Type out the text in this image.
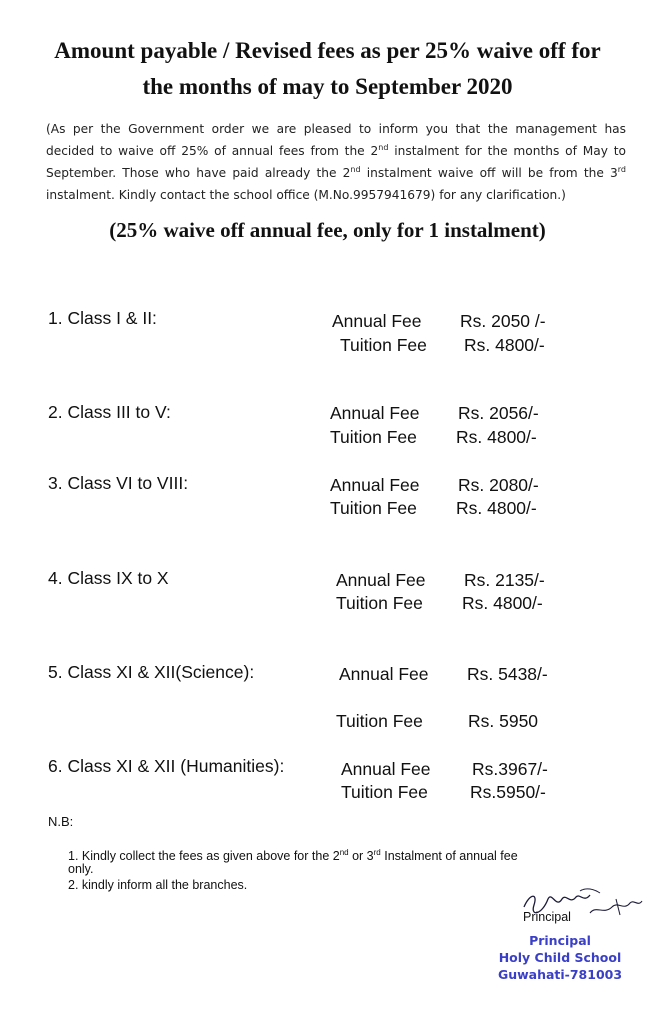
Amount payable / Revised fees as per 25% waive off for
the months of may to September 2020
(As per the Government order we are pleased to inform you that the management has decided to waive off 25% of annual fees from the 2nd instalment for the months of May to September. Those who have paid already the 2nd instalment waive off will be from the 3rd instalment. Kindly contact the school office (M.No.9957941679) for any clarification.)
(25% waive off annual fee, only for 1 instalment)
1. Class I & II:	Annual Fee Rs. 2050 /-
Tuition Fee Rs. 4800/-
2. Class III to V:	Annual Fee Rs. 2056/-
Tuition Fee Rs. 4800/-
3. Class VI to VIII:	Annual Fee Rs. 2080/-
Tuition Fee Rs. 4800/-
4. Class IX to X	Annual Fee Rs. 2135/-
Tuition Fee Rs. 4800/-
5. Class XI & XII(Science):	Annual Fee Rs. 5438/-
Tuition Fee	Rs. 5950
6. Class XI & XII (Humanities):	Annual Fee Rs.3967/-
Tuition Fee Rs.5950/-
N.B:
1. Kindly collect the fees as given above for the 2nd or 3rd Instalment of annual fee
only.
2. kindly inform all the branches.
Principal
Principal
Holy Child School
Guwahati-781003
